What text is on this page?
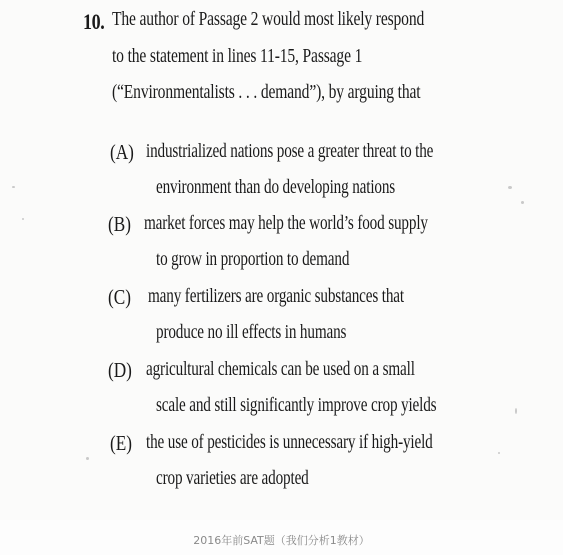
10. The author of Passage 2 would most likely respond
to the statement in lines 11-15, Passage 1
(“Environmentalists . . . demand”), by arguing that
(A) industrialized nations pose a greater threat to the
environment than do developing nations
(B) market forces may help the world’s food supply
to grow in proportion to demand
(C) many fertilizers are organic substances that
produce no ill effects in humans
(D) agricultural chemicals can be used on a small
scale and still significantly improve crop yields
(E) the use of pesticides is unnecessary if high-yield
crop varieties are adopted
2016年前SAT题（我们分析1教材）
